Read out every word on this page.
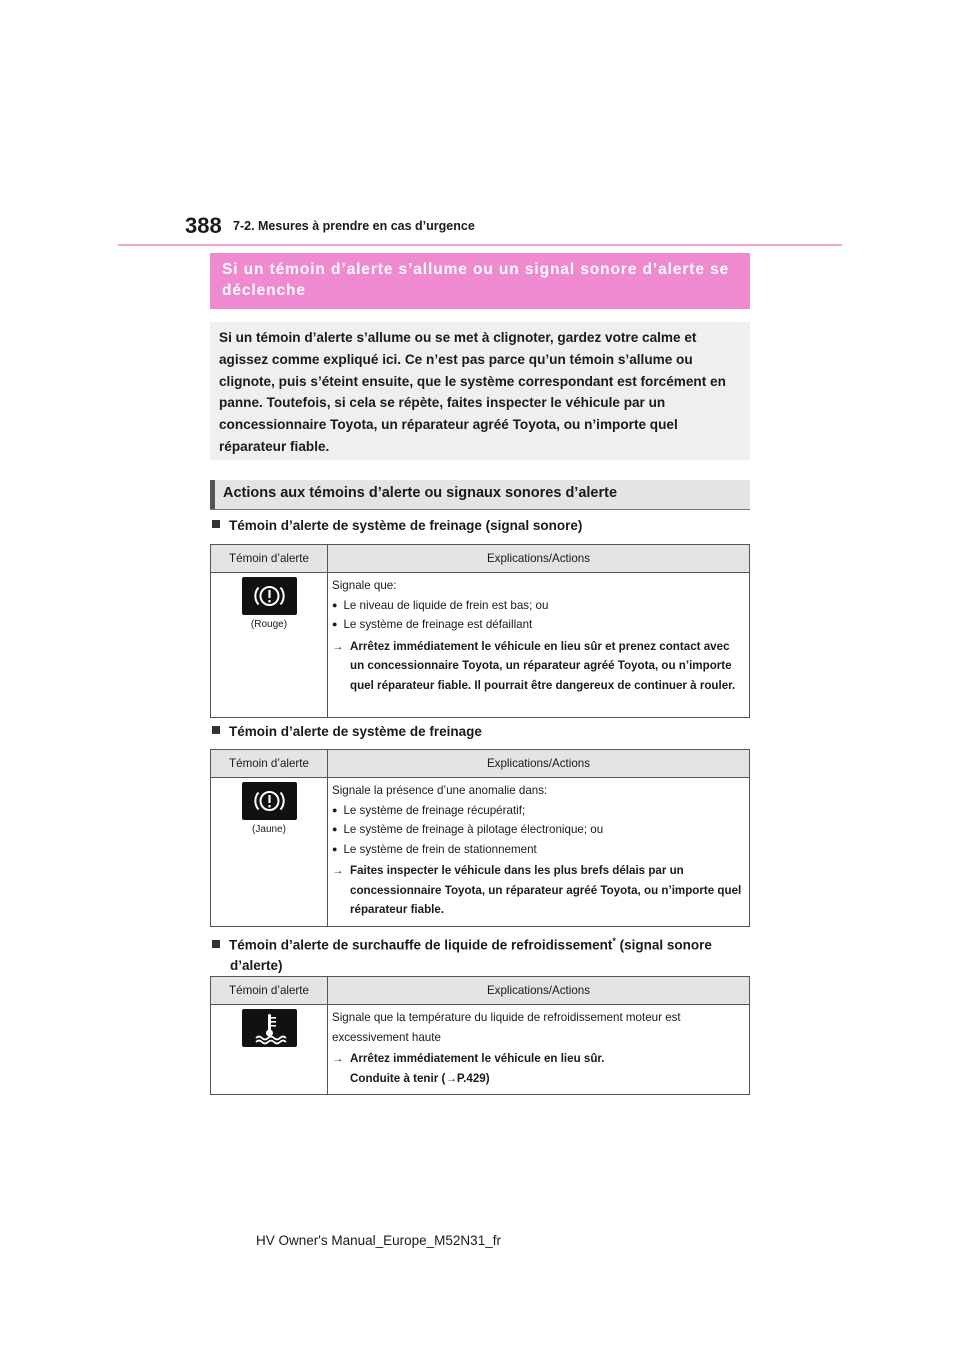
388 7-2. Mesures à prendre en cas d’urgence
Si un témoin d’alerte s’allume ou un signal sonore d’alerte se déclenche
Si un témoin d’alerte s’allume ou se met à clignoter, gardez votre calme et agissez comme expliqué ici. Ce n’est pas parce qu’un témoin s’allume ou clignote, puis s’éteint ensuite, que le système correspondant est forcément en panne. Toutefois, si cela se répète, faites inspecter le véhicule par un concessionnaire Toyota, un réparateur agréé Toyota, ou n’importe quel réparateur fiable.
Actions aux témoins d’alerte ou signaux sonores d’alerte
Témoin d’alerte de système de freinage (signal sonore)
Témoin d’alerte	Explications/Actions

(Rouge)	Signale que:
● Le niveau de liquide de frein est bas; ou
● Le système de freinage est défaillant
→ Arrêtez immédiatement le véhicule en lieu sûr et prenez contact avec un concessionnaire Toyota, un réparateur agréé Toyota, ou n’importe quel réparateur fiable. Il pourrait être dangereux de continuer à rouler.
Témoin d’alerte de système de freinage
Témoin d’alerte	Explications/Actions

(Jaune)	Signale la présence d’une anomalie dans:
● Le système de freinage récupératif;
● Le système de freinage à pilotage électronique; ou
● Le système de frein de stationnement
→ Faites inspecter le véhicule dans les plus brefs délais par un concessionnaire Toyota, un réparateur agréé Toyota, ou n’importe quel réparateur fiable.
Témoin d’alerte de surchauffe de liquide de refroidissement* (signal sonore d’alerte)
Témoin d’alerte	Explications/Actions

Signale que la température du liquide de refroidissement moteur est excessivement haute
→ Arrêtez immédiatement le véhicule en lieu sûr.
Conduite à tenir (→P.429)
HV Owner's Manual_Europe_M52N31_fr
